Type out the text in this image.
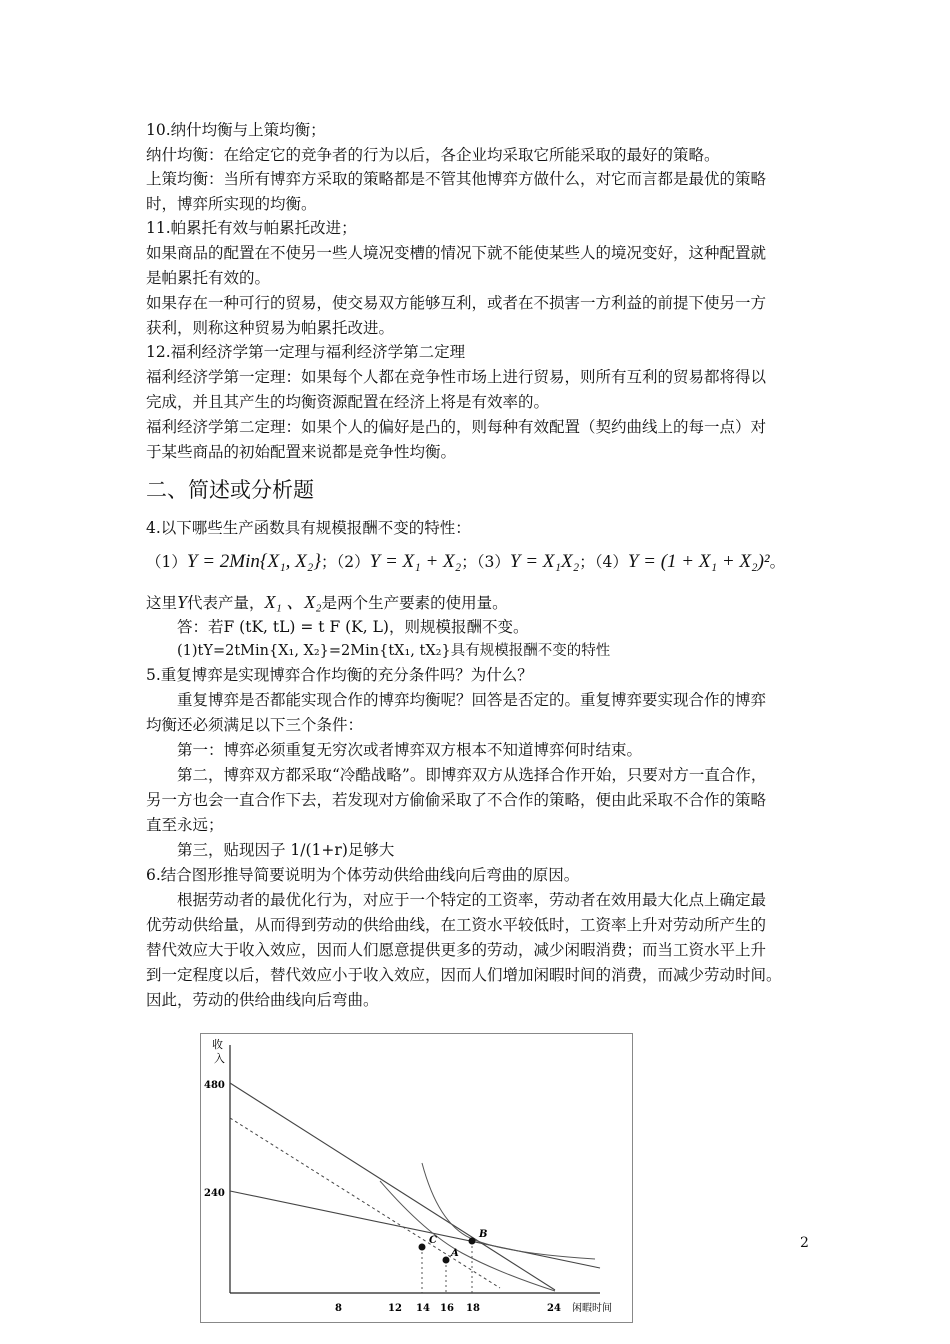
10.纳什均衡与上策均衡；
纳什均衡：在给定它的竞争者的行为以后，各企业均采取它所能采取的最好的策略。
上策均衡：当所有博弈方采取的策略都是不管其他博弈方做什么，对它而言都是最优的策略
时，博弈所实现的均衡。
11.帕累托有效与帕累托改进；
如果商品的配置在不使另一些人境况变槽的情况下就不能使某些人的境况变好，这种配置就
是帕累托有效的。
如果存在一种可行的贸易，使交易双方能够互利，或者在不损害一方利益的前提下使另一方
获利，则称这种贸易为帕累托改进。
12.福利经济学第一定理与福利经济学第二定理
福利经济学第一定理：如果每个人都在竞争性市场上进行贸易，则所有互利的贸易都将得以
完成，并且其产生的均衡资源配置在经济上将是有效率的。
福利经济学第二定理：如果个人的偏好是凸的，则每种有效配置（契约曲线上的每一点）对
于某些商品的初始配置来说都是竞争性均衡。
二、简述或分析题
4.以下哪些生产函数具有规模报酬不变的特性：
（1）Y = 2Min{X₁, X₂}；（2）Y = X₁ + X₂；（3）Y = X₁X₂；（4）Y = (1 + X₁ + X₂)²。
这里Y代表产量，X₁ 、X₂是两个生产要素的使用量。
答：若F (tK, tL) = t F (K, L)，则规模报酬不变。
(1)tY=2tMin{X₁, X₂}=2Min{tX₁, tX₂}具有规模报酬不变的特性
5.重复博弈是实现博弈合作均衡的充分条件吗？为什么？
重复博弈是否都能实现合作的博弈均衡呢？回答是否定的。重复博弈要实现合作的博弈
均衡还必须满足以下三个条件：
第一：博弈必须重复无穷次或者博弈双方根本不知道博弈何时结束。
第二，博弈双方都采取“冷酷战略”。即博弈双方从选择合作开始，只要对方一直合作，
另一方也会一直合作下去，若发现对方偷偷采取了不合作的策略，便由此采取不合作的策略
直至永远；
第三，贴现因子 1/(1+r)足够大
6.结合图形推导简要说明为个体劳动供给曲线向后弯曲的原因。
根据劳动者的最优化行为，对应于一个特定的工资率，劳动者在效用最大化点上确定最
优劳动供给量，从而得到劳动的供给曲线，在工资水平较低时，工资率上升对劳动所产生的
替代效应大于收入效应，因而人们愿意提供更多的劳动，减少闲暇消费；而当工资水平上升
到一定程度以后，替代效应小于收入效应，因而人们增加闲暇时间的消费，而减少劳动时间。
因此，劳动的供给曲线向后弯曲。
收
入
480
240
C
A
B
8	12 14 16 18	24 闲暇时间
2
